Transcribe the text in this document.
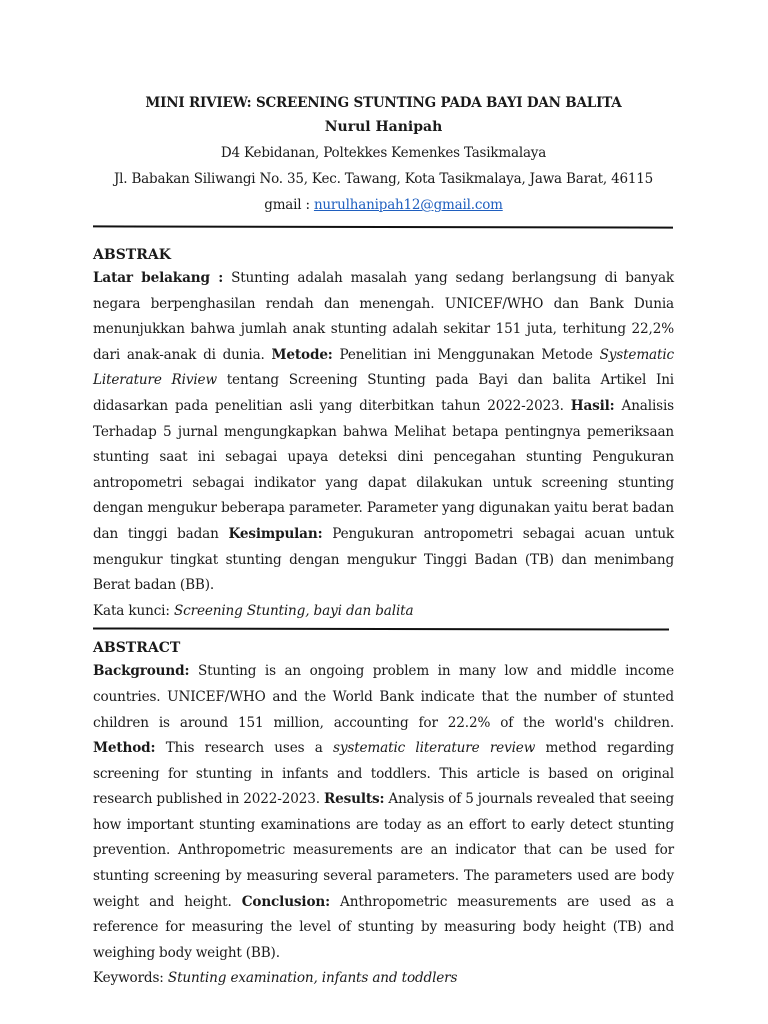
MINI RIVIEW: SCREENING STUNTING PADA BAYI DAN BALITA
Nurul Hanipah
D4 Kebidanan, Poltekkes Kemenkes Tasikmalaya
Jl. Babakan Siliwangi No. 35, Kec. Tawang, Kota Tasikmalaya, Jawa Barat, 46115
gmail : nurulhanipah12@gmail.com
ABSTRAK
Latar belakang : Stunting adalah masalah yang sedang berlangsung di banyak negara berpenghasilan rendah dan menengah. UNICEF/WHO dan Bank Dunia menunjukkan bahwa jumlah anak stunting adalah sekitar 151 juta, terhitung 22,2% dari anak-anak di dunia. Metode: Penelitian ini Menggunakan Metode Systematic Literature Riview tentang Screening Stunting pada Bayi dan balita Artikel Ini didasarkan pada penelitian asli yang diterbitkan tahun 2022-2023. Hasil: Analisis Terhadap 5 jurnal mengungkapkan bahwa Melihat betapa pentingnya pemeriksaan stunting saat ini sebagai upaya deteksi dini pencegahan stunting Pengukuran antropometri sebagai indikator yang dapat dilakukan untuk screening stunting dengan mengukur beberapa parameter. Parameter yang digunakan yaitu berat badan dan tinggi badan Kesimpulan: Pengukuran antropometri sebagai acuan untuk mengukur tingkat stunting dengan mengukur Tinggi Badan (TB) dan menimbang Berat badan (BB).
Kata kunci: Screening Stunting, bayi dan balita
ABSTRACT
Background: Stunting is an ongoing problem in many low and middle income countries. UNICEF/WHO and the World Bank indicate that the number of stunted children is around 151 million, accounting for 22.2% of the world's children. Method: This research uses a systematic literature review method regarding screening for stunting in infants and toddlers. This article is based on original research published in 2022-2023. Results: Analysis of 5 journals revealed that seeing how important stunting examinations are today as an effort to early detect stunting prevention. Anthropometric measurements are an indicator that can be used for stunting screening by measuring several parameters. The parameters used are body weight and height. Conclusion: Anthropometric measurements are used as a reference for measuring the level of stunting by measuring body height (TB) and weighing body weight (BB).
Keywords: Stunting examination, infants and toddlers
